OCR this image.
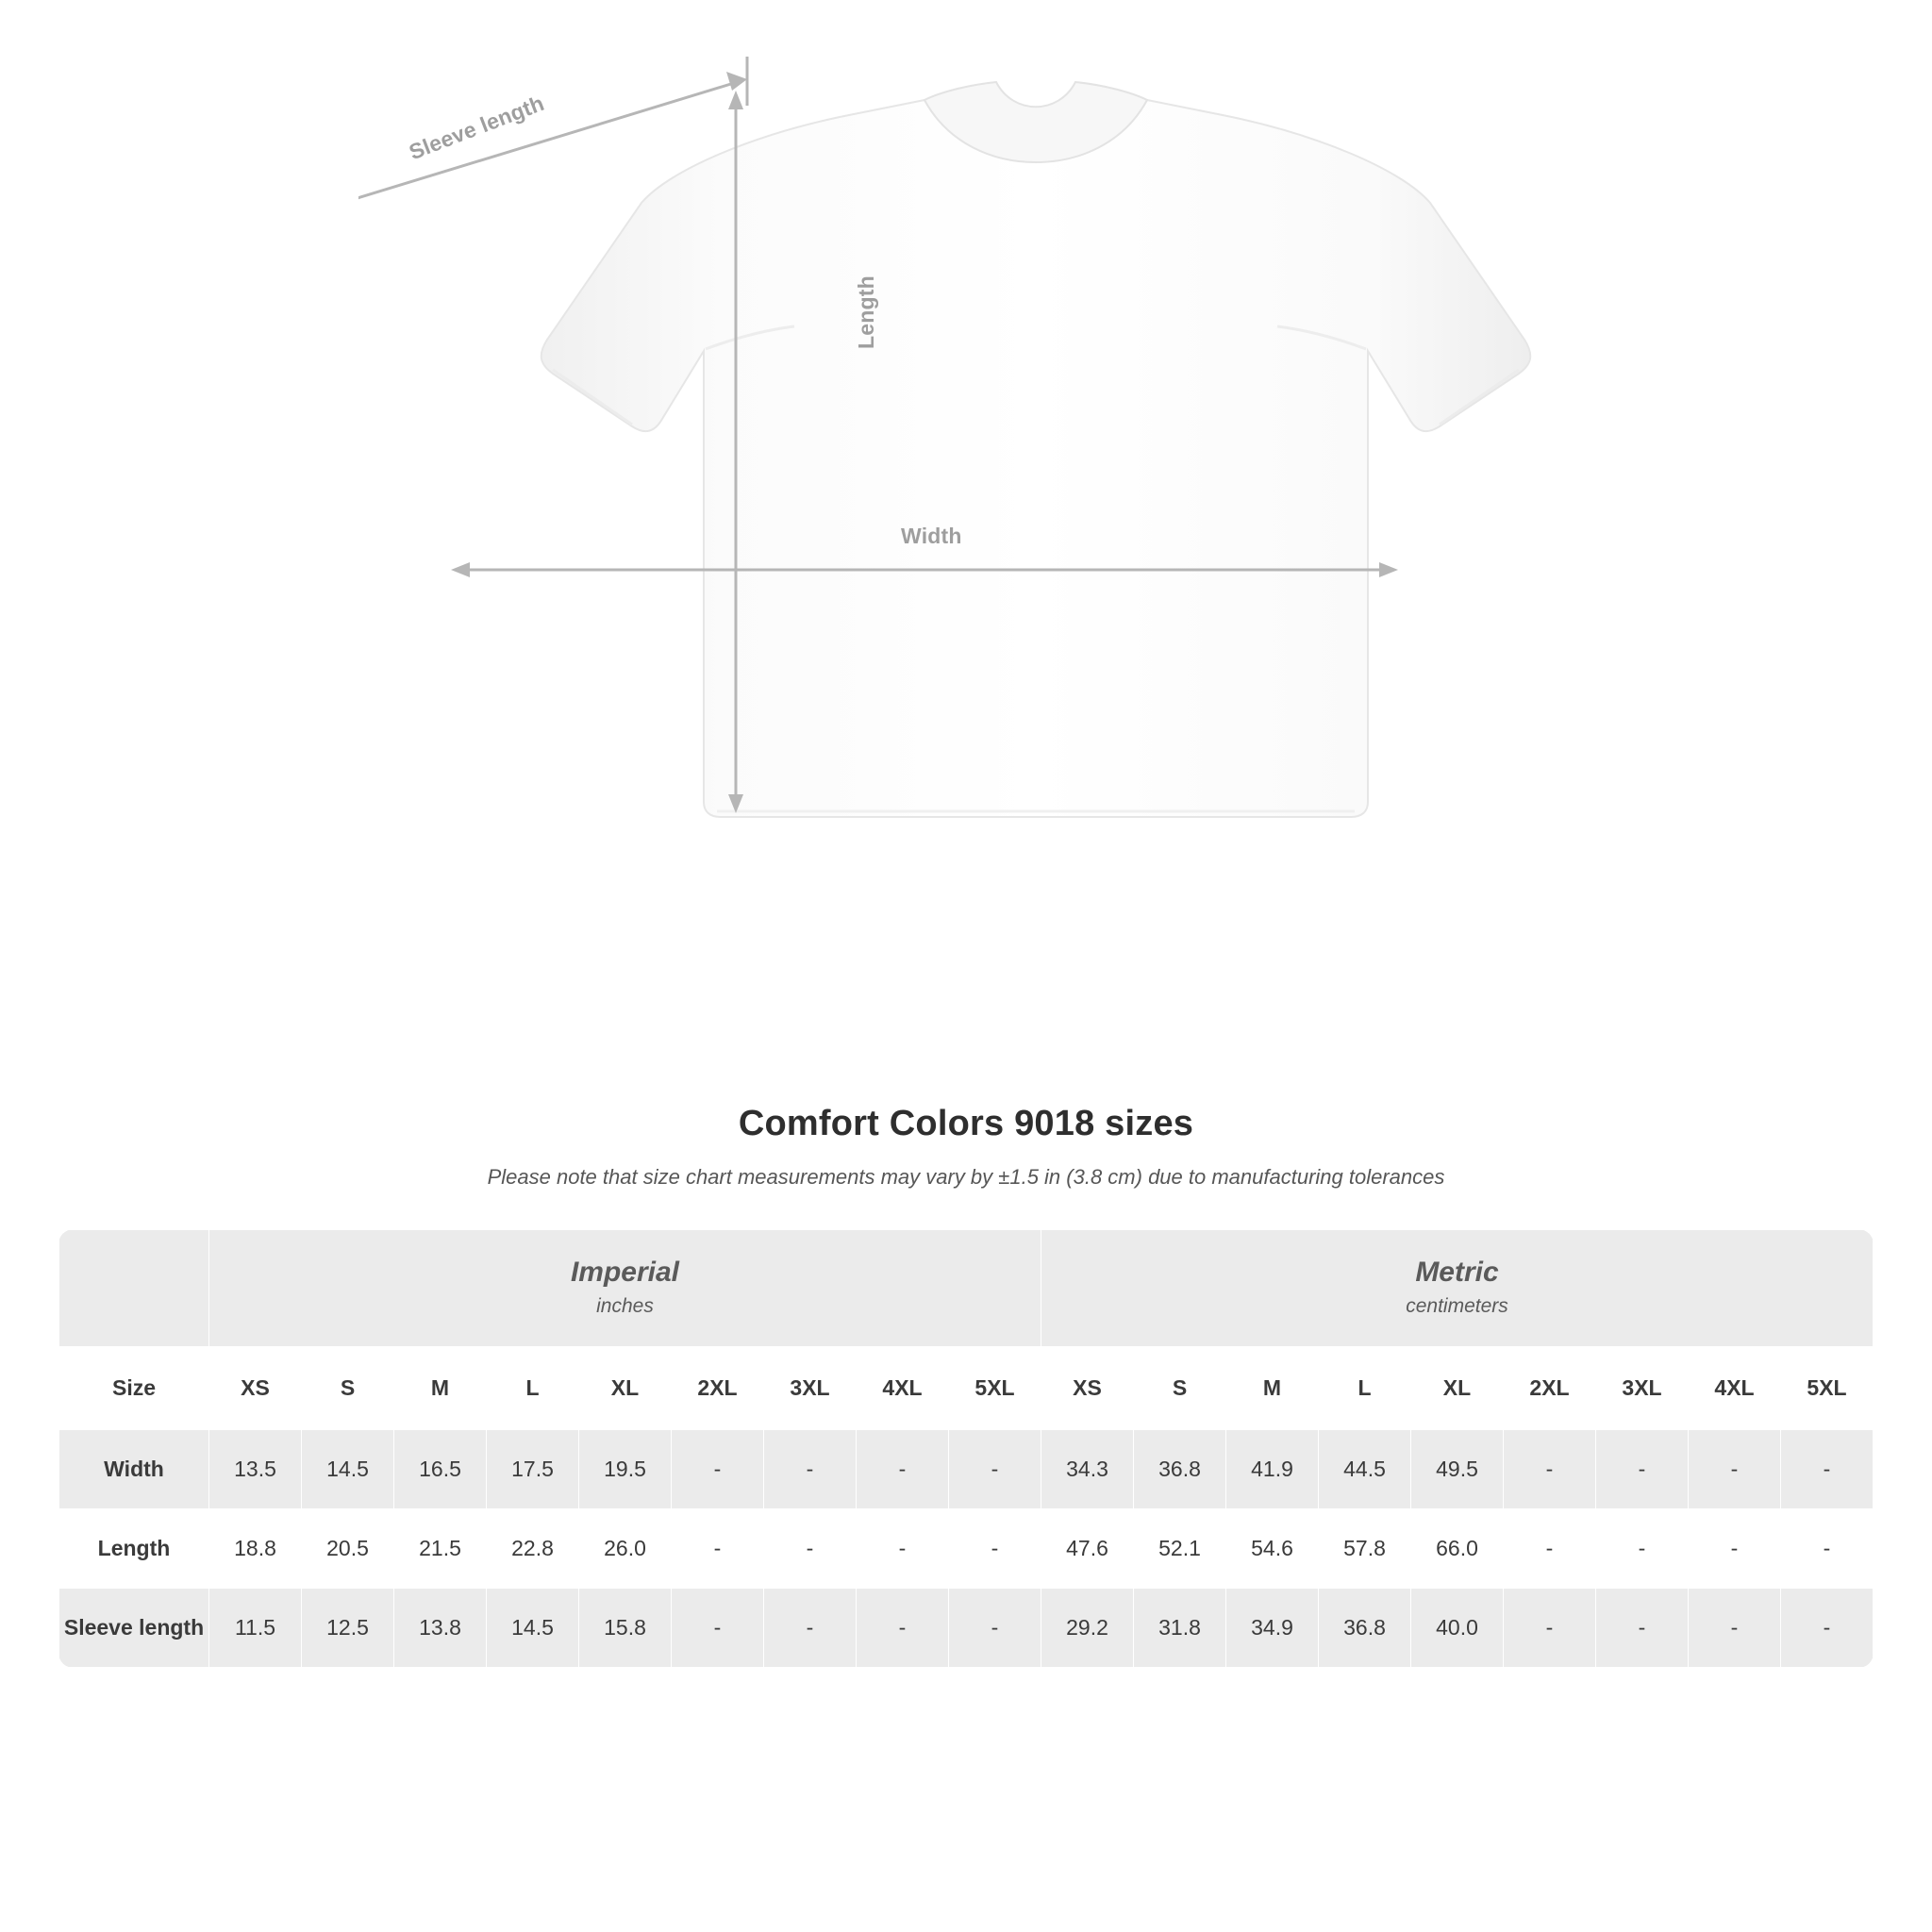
Sleeve length
Length
Width
Comfort Colors 9018 sizes
Please note that size chart measurements may vary by ±1.5 in (3.8 cm) due to manufacturing tolerances

Imperial
inches

Metric
centimeters

Size	XS	S	M	L	XL	2XL	3XL	4XL	5XL	XS	S	M	L	XL	2XL	3XL	4XL	5XL
Width	13.5	14.5	16.5	17.5	19.5	-	-	-	-	34.3	36.8	41.9	44.5	49.5	-	-	-	-
Length	18.8	20.5	21.5	22.8	26.0	-	-	-	-	47.6	52.1	54.6	57.8	66.0	-	-	-	-
Sleeve length	11.5	12.5	13.8	14.5	15.8	-	-	-	-	29.2	31.8	34.9	36.8	40.0	-	-	-	-
